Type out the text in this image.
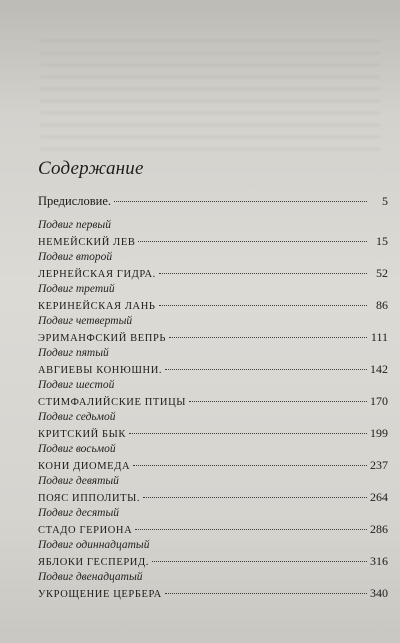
Содержание
Предисловие.	5
Подвиг первый
НЕМЕЙСКИЙ ЛЕВ	15
Подвиг второй
ЛЕРНЕЙСКАЯ ГИДРА.	52
Подвиг третий
КЕРИНЕЙСКАЯ ЛАНЬ	86
Подвиг четвертый
ЭРИМАНФСКИЙ ВЕПРЬ	111
Подвиг пятый
АВГИЕВЫ КОНЮШНИ.	142
Подвиг шестой
СТИМФАЛИЙСКИЕ ПТИЦЫ	170
Подвиг седьмой
КРИТСКИЙ БЫК	199
Подвиг восьмой
КОНИ ДИОМЕДА	237
Подвиг девятый
ПОЯС ИППОЛИТЫ.	264
Подвиг десятый
СТАДО ГЕРИОНА	286
Подвиг одиннадцатый
ЯБЛОКИ ГЕСПЕРИД.	316
Подвиг двенадцатый
УКРОЩЕНИЕ ЦЕРБЕРА	340
